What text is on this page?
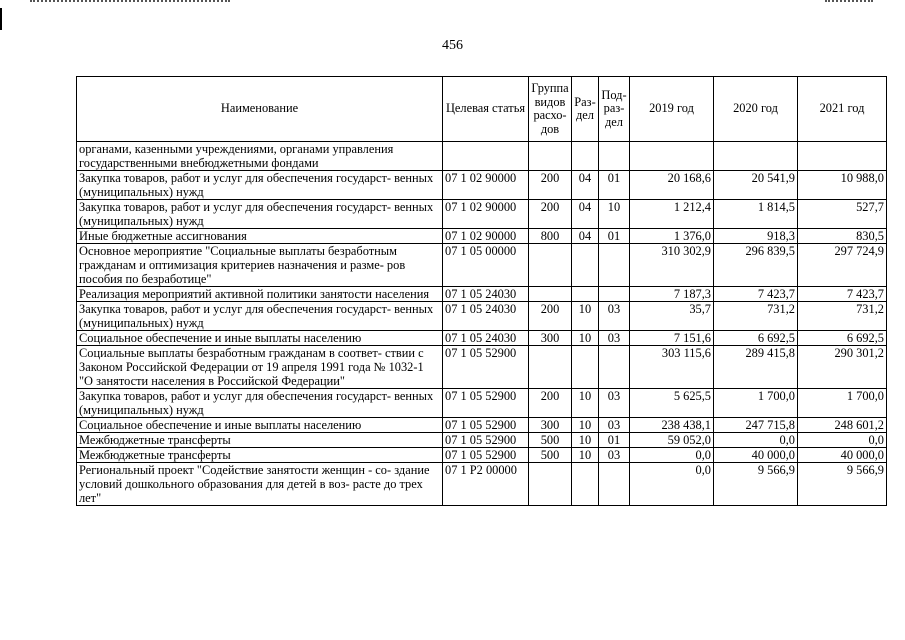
456
Наименование	Целевая статья	Группа видов расхо- дов	Раз- дел	Под- раз- дел	2019 год	2020 год	2021 год
органами, казенными учреждениями, органами управления государственными внебюджетными фондами							
Закупка товаров, работ и услуг для обеспечения государст- венных (муниципальных) нужд	07 1 02 90000	200	04	01	20 168,6	20 541,9	10 988,0
Закупка товаров, работ и услуг для обеспечения государст- венных (муниципальных) нужд	07 1 02 90000	200	04	10	1 212,4	1 814,5	527,7
Иные бюджетные ассигнования	07 1 02 90000	800	04	01	1 376,0	918,3	830,5
Основное мероприятие "Социальные выплаты безработным гражданам и оптимизация критериев назначения и разме- ров пособия по безработице"	07 1 05 00000				310 302,9	296 839,5	297 724,9
Реализация мероприятий активной политики занятости населения	07 1 05 24030				7 187,3	7 423,7	7 423,7
Закупка товаров, работ и услуг для обеспечения государст- венных (муниципальных) нужд	07 1 05 24030	200	10	03	35,7	731,2	731,2
Социальное обеспечение и иные выплаты населению	07 1 05 24030	300	10	03	7 151,6	6 692,5	6 692,5
Социальные выплаты безработным гражданам в соответ- ствии с Законом Российской Федерации от 19 апреля 1991 года № 1032-1 "О занятости населения в Российской Федерации"	07 1 05 52900				303 115,6	289 415,8	290 301,2
Закупка товаров, работ и услуг для обеспечения государст- венных (муниципальных) нужд	07 1 05 52900	200	10	03	5 625,5	1 700,0	1 700,0
Социальное обеспечение и иные выплаты населению	07 1 05 52900	300	10	03	238 438,1	247 715,8	248 601,2
Межбюджетные трансферты	07 1 05 52900	500	10	01	59 052,0	0,0	0,0
Межбюджетные трансферты	07 1 05 52900	500	10	03	0,0	40 000,0	40 000,0
Региональный проект "Содействие занятости женщин - со- здание условий дошкольного образования для детей в воз- расте до трех лет"	07 1 P2 00000				0,0	9 566,9	9 566,9
